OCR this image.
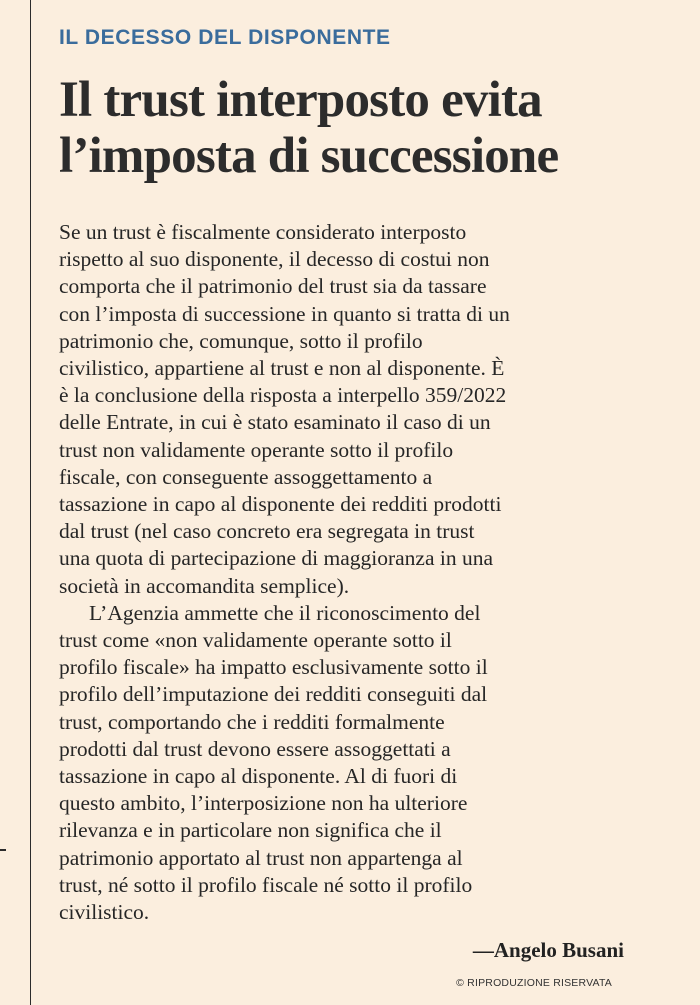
IL DECESSO DEL DISPONENTE

Il trust interposto evita
l’imposta di successione
Se un trust è fiscalmente considerato interposto
rispetto al suo disponente, il decesso di costui non
comporta che il patrimonio del trust sia da tassare
con l’imposta di successione in quanto si tratta di un
patrimonio che, comunque, sotto il profilo
civilistico, appartiene al trust e non al disponente. È
è la conclusione della risposta a interpello 359/2022
delle Entrate, in cui è stato esaminato il caso di un
trust non validamente operante sotto il profilo
fiscale, con conseguente assoggettamento a
tassazione in capo al disponente dei redditi prodotti
dal trust (nel caso concreto era segregata in trust
una quota di partecipazione di maggioranza in una
società in accomandita semplice).
L’Agenzia ammette che il riconoscimento del
trust come «non validamente operante sotto il
profilo fiscale» ha impatto esclusivamente sotto il
profilo dell’imputazione dei redditi conseguiti dal
trust, comportando che i redditi formalmente
prodotti dal trust devono essere assoggettati a
tassazione in capo al disponente. Al di fuori di
questo ambito, l’interposizione non ha ulteriore
rilevanza e in particolare non significa che il
patrimonio apportato al trust non appartenga al
trust, né sotto il profilo fiscale né sotto il profilo
civilistico.

—Angelo Busani

© RIPRODUZIONE RISERVATA
